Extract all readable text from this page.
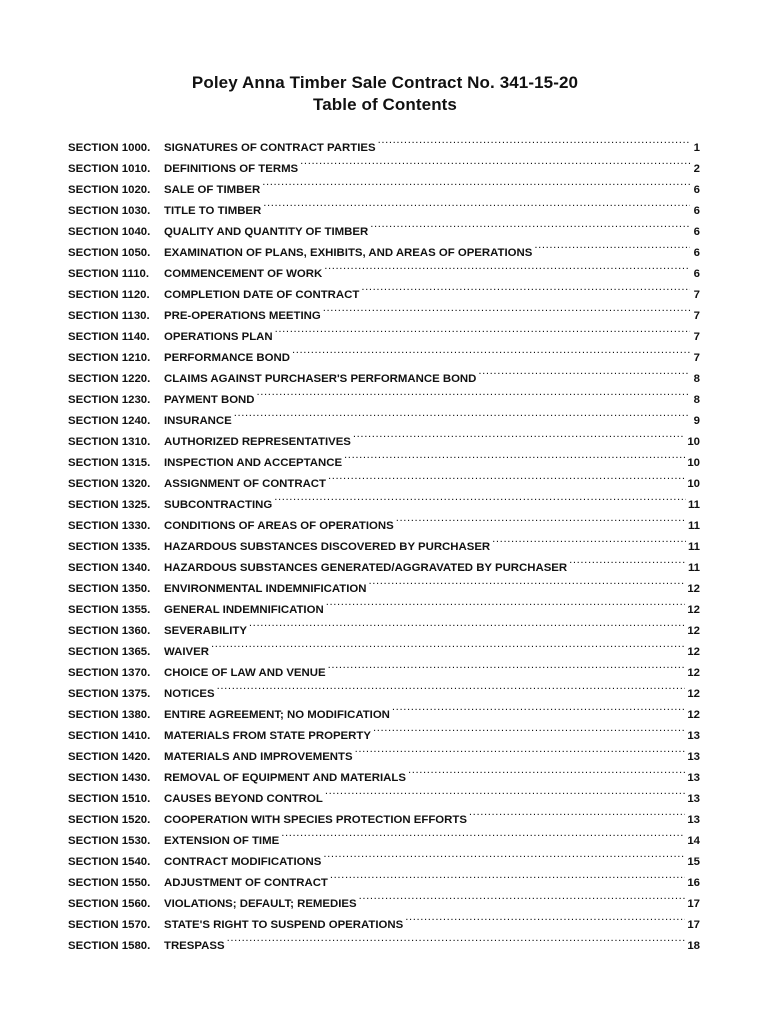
Poley Anna Timber Sale Contract No. 341-15-20
Table of Contents
SECTION 1000.	SIGNATURES OF CONTRACT PARTIES .....	1
SECTION 1010.	DEFINITIONS OF TERMS .....	2
SECTION 1020.	SALE OF TIMBER .....	6
SECTION 1030.	TITLE TO TIMBER .....	6
SECTION 1040.	QUALITY AND QUANTITY OF TIMBER .....	6
SECTION 1050.	EXAMINATION OF PLANS, EXHIBITS, AND AREAS OF OPERATIONS .....	6
SECTION 1110.	COMMENCEMENT OF WORK .....	6
SECTION 1120.	COMPLETION DATE OF CONTRACT .....	7
SECTION 1130.	PRE-OPERATIONS MEETING .....	7
SECTION 1140.	OPERATIONS PLAN .....	7
SECTION 1210.	PERFORMANCE BOND .....	7
SECTION 1220.	CLAIMS AGAINST PURCHASER'S PERFORMANCE BOND .....	8
SECTION 1230.	PAYMENT BOND .....	8
SECTION 1240.	INSURANCE .....	9
SECTION 1310.	AUTHORIZED REPRESENTATIVES .....	10
SECTION 1315.	INSPECTION AND ACCEPTANCE .....	10
SECTION 1320.	ASSIGNMENT OF CONTRACT .....	10
SECTION 1325.	SUBCONTRACTING .....	11
SECTION 1330.	CONDITIONS OF AREAS OF OPERATIONS .....	11
SECTION 1335.	HAZARDOUS SUBSTANCES DISCOVERED BY PURCHASER .....	11
SECTION 1340.	HAZARDOUS SUBSTANCES GENERATED/AGGRAVATED BY PURCHASER .....	11
SECTION 1350.	ENVIRONMENTAL INDEMNIFICATION .....	12
SECTION 1355.	GENERAL INDEMNIFICATION .....	12
SECTION 1360.	SEVERABILITY .....	12
SECTION 1365.	WAIVER .....	12
SECTION 1370.	CHOICE OF LAW AND VENUE .....	12
SECTION 1375.	NOTICES .....	12
SECTION 1380.	ENTIRE AGREEMENT; NO MODIFICATION .....	12
SECTION 1410.	MATERIALS FROM STATE PROPERTY .....	13
SECTION 1420.	MATERIALS AND IMPROVEMENTS .....	13
SECTION 1430.	REMOVAL OF EQUIPMENT AND MATERIALS .....	13
SECTION 1510.	CAUSES BEYOND CONTROL .....	13
SECTION 1520.	COOPERATION WITH SPECIES PROTECTION EFFORTS .....	13
SECTION 1530.	EXTENSION OF TIME .....	14
SECTION 1540.	CONTRACT MODIFICATIONS .....	15
SECTION 1550.	ADJUSTMENT OF CONTRACT .....	16
SECTION 1560.	VIOLATIONS; DEFAULT; REMEDIES .....	17
SECTION 1570.	STATE'S RIGHT TO SUSPEND OPERATIONS .....	17
SECTION 1580.	TRESPASS .....	18
